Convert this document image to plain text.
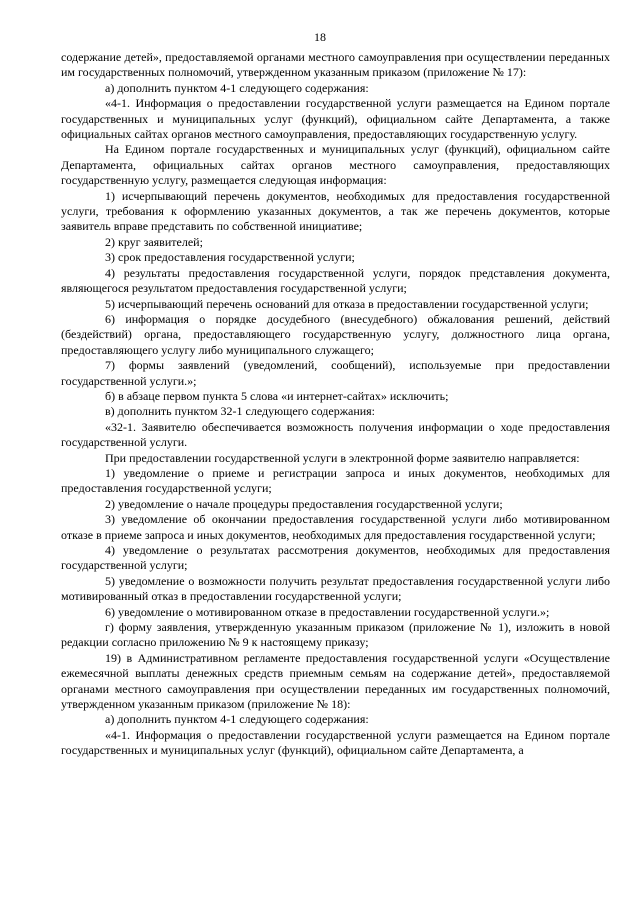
18

содержание детей», предоставляемой органами местного самоуправления при осуществлении переданных им государственных полномочий, утвержденном указанным приказом (приложение № 17):

а) дополнить пунктом 4-1 следующего содержания:

«4-1. Информация о предоставлении государственной услуги размещается на Едином портале государственных и муниципальных услуг (функций), официальном сайте Департамента, а также официальных сайтах органов местного самоуправления, предоставляющих государственную услугу.

На Едином портале государственных и муниципальных услуг (функций), официальном сайте Департамента, официальных сайтах органов местного самоуправления, предоставляющих государственную услугу, размещается следующая информация:

1) исчерпывающий перечень документов, необходимых для предоставления государственной услуги, требования к оформлению указанных документов, а так же перечень документов, которые заявитель вправе представить по собственной инициативе;

2) круг заявителей;

3) срок предоставления государственной услуги;

4) результаты предоставления государственной услуги, порядок представления документа, являющегося результатом предоставления государственной услуги;

5) исчерпывающий перечень оснований для отказа в предоставлении государственной услуги;

6) информация о порядке досудебного (внесудебного) обжалования решений, действий (бездействий) органа, предоставляющего государственную услугу, должностного лица органа, предоставляющего услугу либо муниципального служащего;

7) формы заявлений (уведомлений, сообщений), используемые при предоставлении государственной услуги.»;

б) в абзаце первом пункта 5 слова «и интернет-сайтах» исключить;

в) дополнить пунктом 32-1 следующего содержания:

«32-1. Заявителю обеспечивается возможность получения информации о ходе предоставления государственной услуги.

При предоставлении государственной услуги в электронной форме заявителю направляется:

1) уведомление о приеме и регистрации запроса и иных документов, необходимых для предоставления государственной услуги;

2) уведомление о начале процедуры предоставления государственной услуги;

3) уведомление об окончании предоставления государственной услуги либо мотивированном отказе в приеме запроса и иных документов, необходимых для предоставления государственной услуги;

4) уведомление о результатах рассмотрения документов, необходимых для предоставления государственной услуги;

5) уведомление о возможности получить результат предоставления государственной услуги либо мотивированный отказ в предоставлении государственной услуги;

6) уведомление о мотивированном отказе в предоставлении государственной услуги.»;

г) форму заявления, утвержденную указанным приказом (приложение № 1), изложить в новой редакции согласно приложению № 9 к настоящему приказу;

19) в Административном регламенте предоставления государственной услуги «Осуществление ежемесячной выплаты денежных средств приемным семьям на содержание детей», предоставляемой органами местного самоуправления при осуществлении переданных им государственных полномочий, утвержденном указанным приказом (приложение № 18):

а) дополнить пунктом 4-1 следующего содержания:

«4-1. Информация о предоставлении государственной услуги размещается на Едином портале государственных и муниципальных услуг (функций), официальном сайте Департамента, а
